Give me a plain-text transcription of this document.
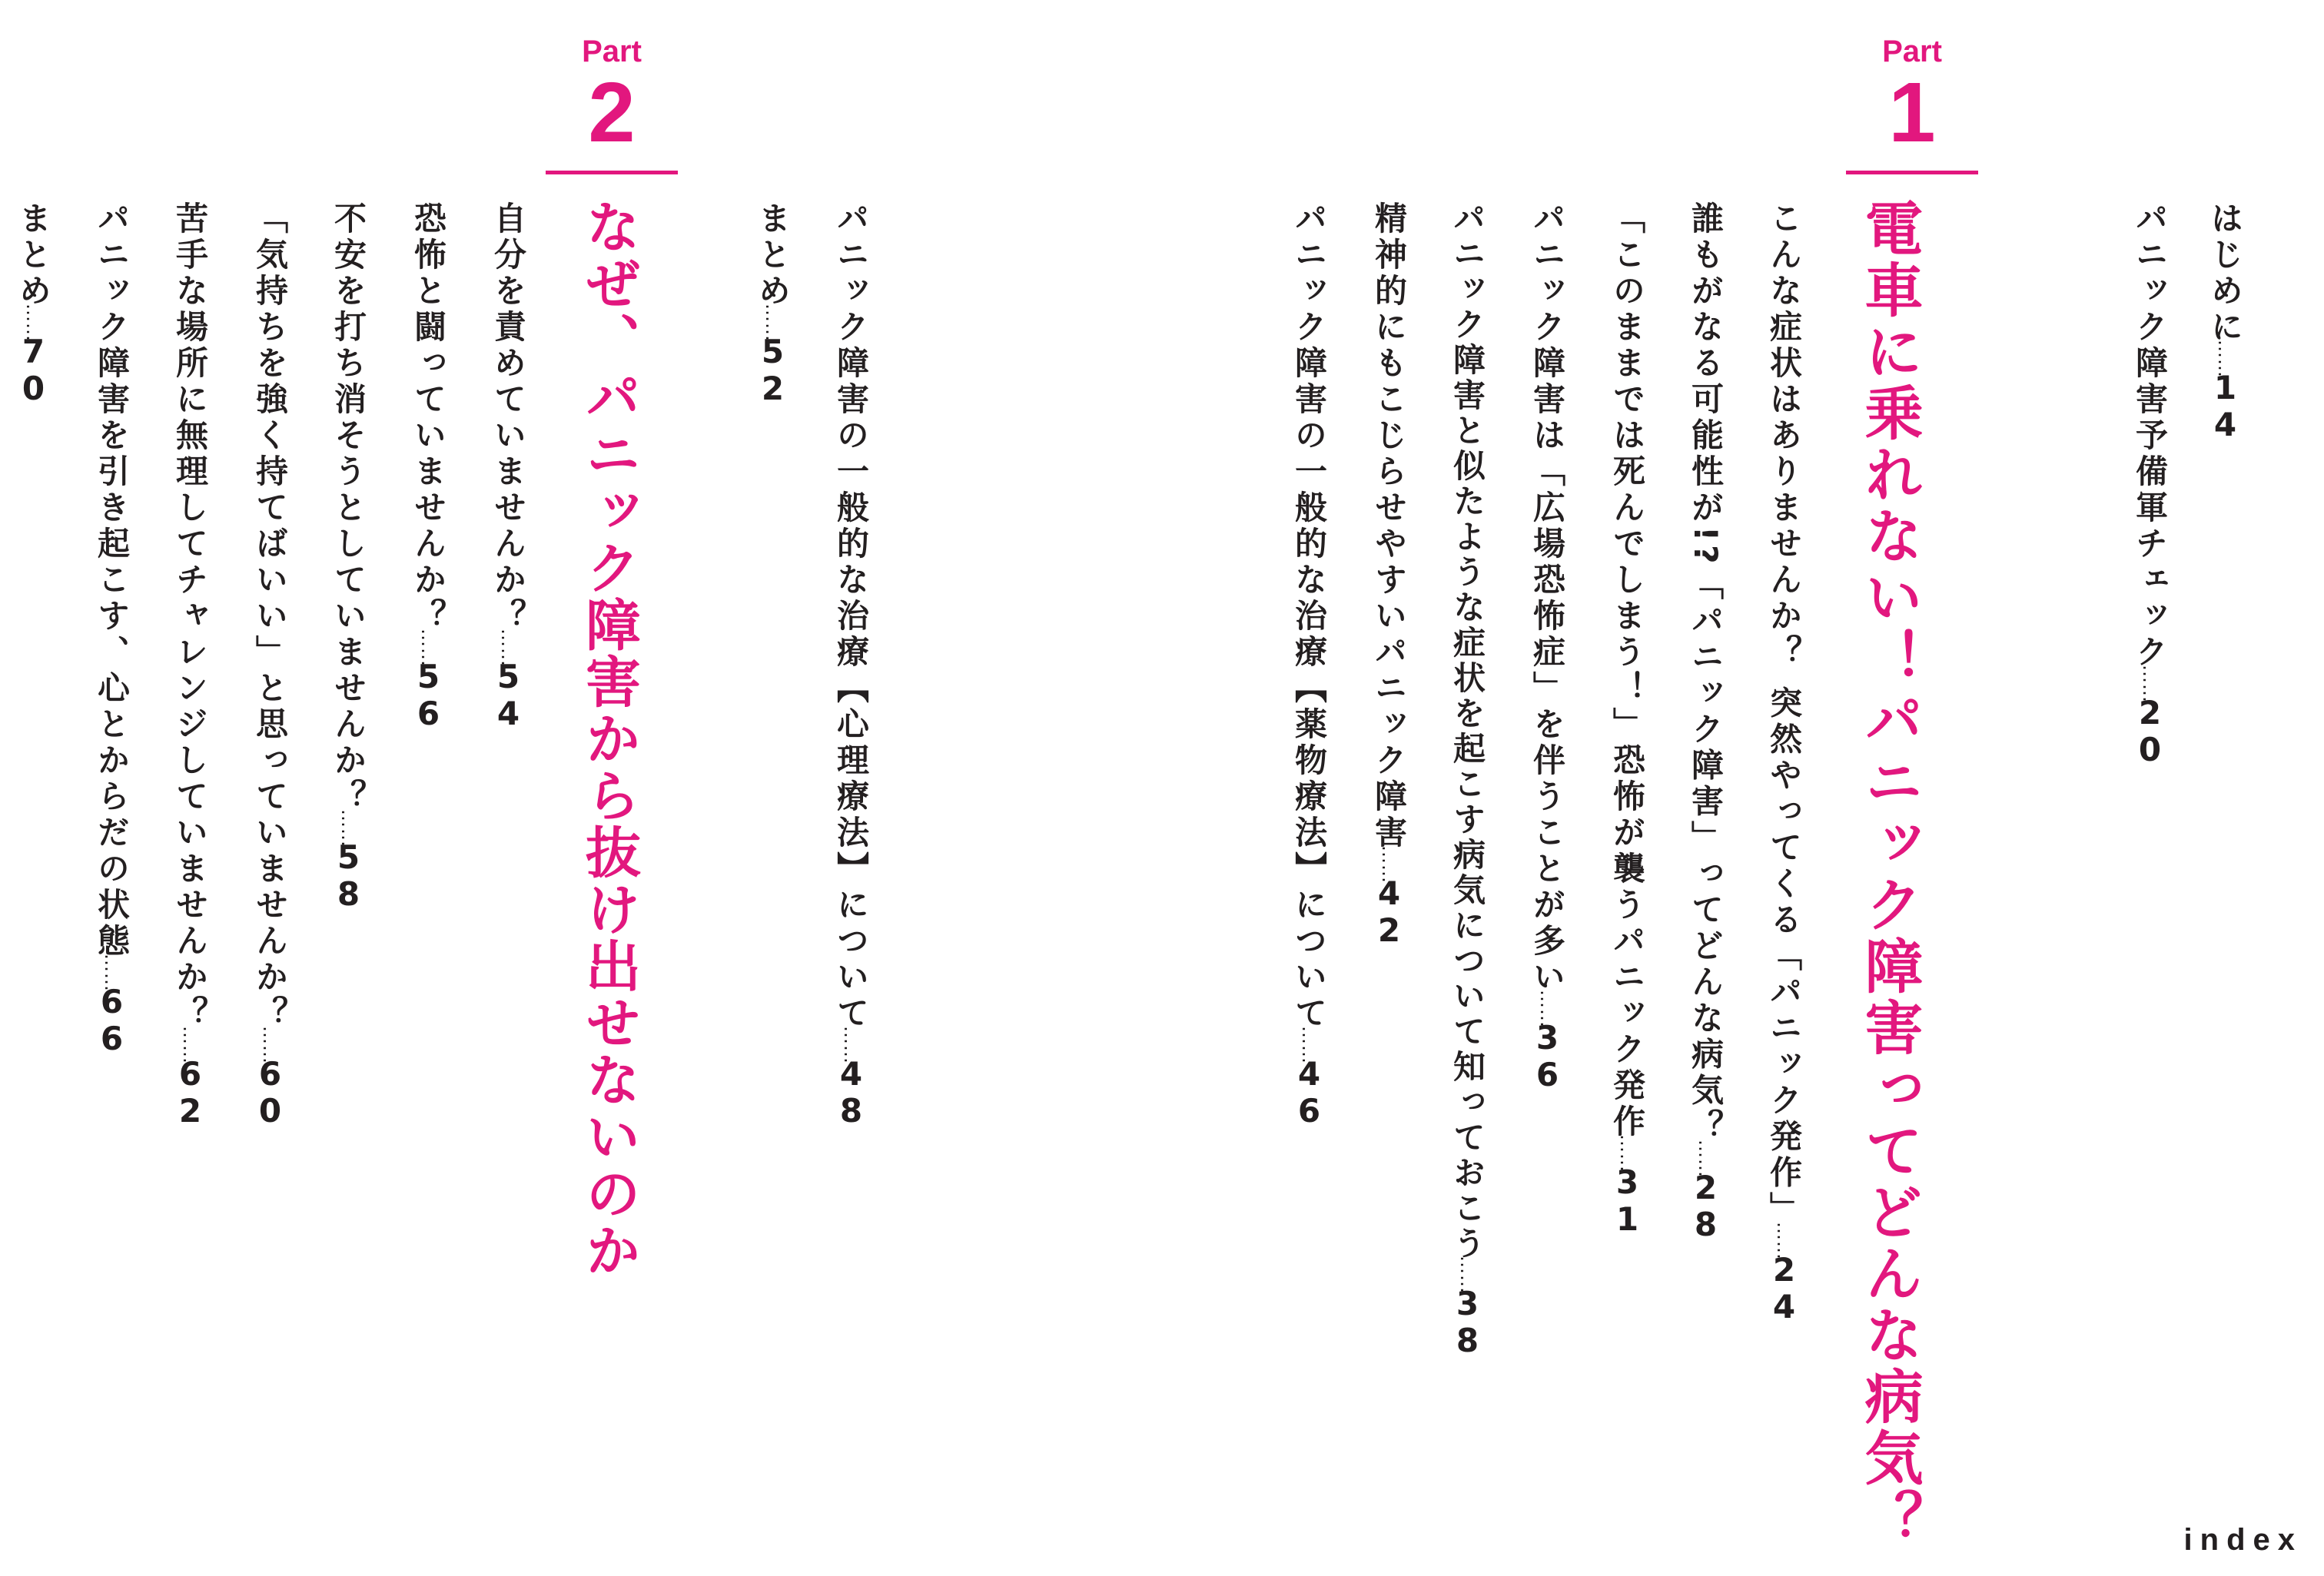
はじめに……14
パニック障害予備軍チェック……20
Part
1
電車に乗れない！パニック障害ってどんな病気？
こんな症状はありませんか？ 突然やってくる「パニック発作」……24
誰もがなる可能性が!?「パニック障害」ってどんな病気？……28
「このままでは死んでしまう！」恐怖が襲うパニック発作……31
パニック障害は「広場恐怖症」を伴うことが多い……36
パニック障害と似たような症状を起こす病気について知っておこう……38
精神的にもこじらせやすいパニック障害……42
パニック障害の一般的な治療【薬物療法】について……46
パニック障害の一般的な治療【心理療法】について……48
まとめ……52
Part
2
なぜ、パニック障害から抜け出せないのか
自分を責めていませんか？……54
恐怖と闘っていませんか？……56
不安を打ち消そうとしていませんか？……58
「気持ちを強く持てばいい」と思っていませんか？……60
苦手な場所に無理してチャレンジしていませんか？……62
パニック障害を引き起こす、心とからだの状態……66
まとめ……70
index
